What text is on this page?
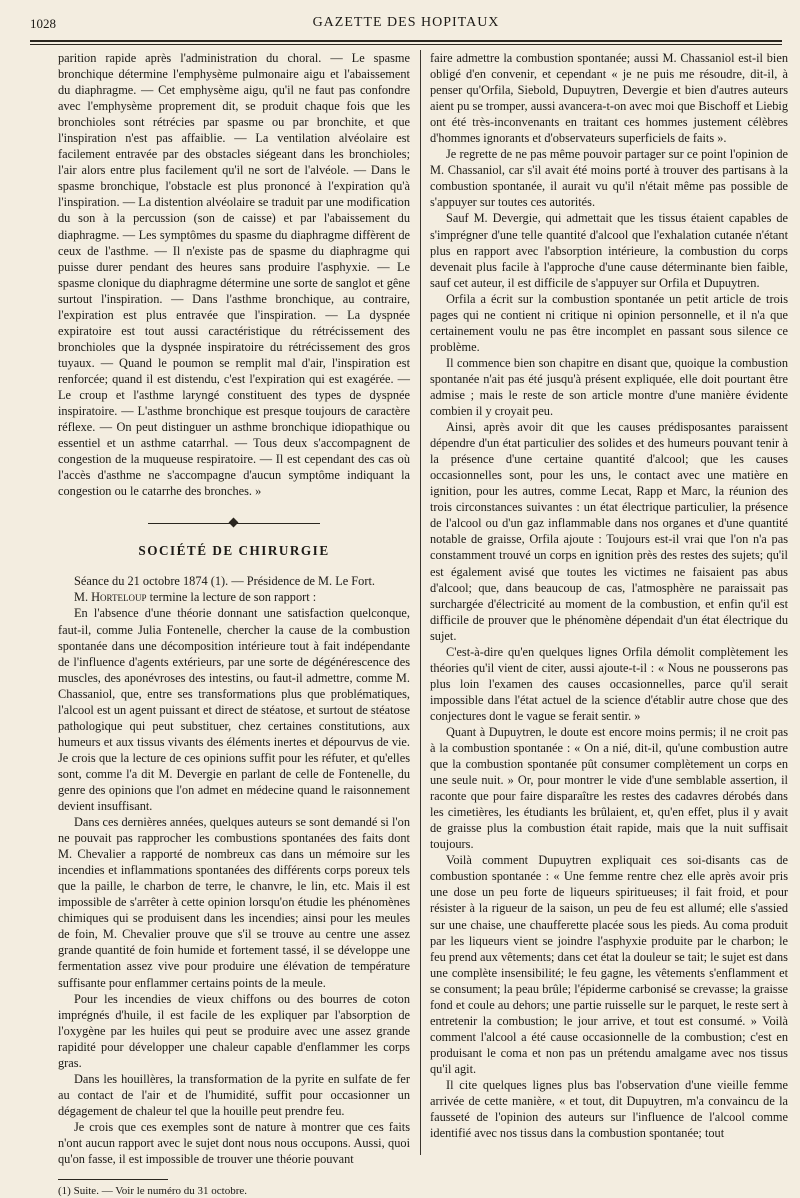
1028	GAZETTE DES HOPITAUX

parition rapide après l'administration du choral. — Le spasme bronchique détermine l'emphysème pulmonaire aigu et l'abaissement du diaphragme. — Cet emphysème aigu, qu'il ne faut pas confondre avec l'emphysème proprement dit, se produit chaque fois que les bronchioles sont rétrécies par spasme ou par bronchite, et que l'inspiration n'est pas affaiblie. — La ventilation alvéolaire est facilement entravée par des obstacles siégeant dans les bronchioles; l'air alors entre plus facilement qu'il ne sort de l'alvéole. — Dans le spasme bronchique, l'obstacle est plus prononcé à l'expiration qu'à l'inspiration. — La distention alvéolaire se traduit par une modification du son à la percussion (son de caisse) et par l'abaissement du diaphragme. — Les symptômes du spasme du diaphragme diffèrent de ceux de l'asthme. — Il n'existe pas de spasme du diaphragme qui puisse durer pendant des heures sans produire l'asphyxie. — Le spasme clonique du diaphragme détermine une sorte de sanglot et gêne surtout l'inspiration. — Dans l'asthme bronchique, au contraire, l'expiration est plus entravée que l'inspiration. — La dyspnée expiratoire est tout aussi caractéristique du rétrécissement des bronchioles que la dyspnée inspiratoire du rétrécissement des gros tuyaux. — Quand le poumon se remplit mal d'air, l'inspiration est renforcée; quand il est distendu, c'est l'expiration qui est exagérée. — Le croup et l'asthme laryngé constituent des types de dyspnée inspiratoire. — L'asthme bronchique est presque toujours de caractère réflexe. — On peut distinguer un asthme bronchique idiopathique ou essentiel et un asthme catarrhal. — Tous deux s'accompagnent de congestion de la muqueuse respiratoire. — Il est cependant des cas où l'accès d'asthme ne s'accompagne d'aucun symptôme indiquant la congestion ou le catarrhe des bronches. »

SOCIÉTÉ DE CHIRURGIE

Séance du 21 octobre 1874 (1). — Présidence de M. Le Fort.

M. Horteloup termine la lecture de son rapport :

En l'absence d'une théorie donnant une satisfaction quelconque, faut-il, comme Julia Fontenelle, chercher la cause de la combustion spontanée dans une décomposition intérieure tout à fait indépendante de l'influence d'agents extérieurs, par une sorte de dégénérescence des muscles, des aponévroses des intestins, ou faut-il admettre, comme M. Chassaniol, que, entre ses transformations plus que problématiques, l'alcool est un agent puissant et direct de stéatose, et surtout de stéatose pathologique qui peut substituer, chez certaines constitutions, aux humeurs et aux tissus vivants des éléments inertes et dépourvus de vie. Je crois que la lecture de ces opinions suffit pour les réfuter, et qu'elles sont, comme l'a dit M. Devergie en parlant de celle de Fontenelle, du genre des opinions que l'on admet en médecine quand le raisonnement devient insuffisant.

Dans ces dernières années, quelques auteurs se sont demandé si l'on ne pouvait pas rapprocher les combustions spontanées des faits dont M. Chevalier a rapporté de nombreux cas dans un mémoire sur les incendies et inflammations spontanées des différents corps poreux tels que la paille, le charbon de terre, le chanvre, le lin, etc. Mais il est impossible de s'arrêter à cette opinion lorsqu'on étudie les phénomènes chimiques qui se produisent dans les incendies; ainsi pour les meules de foin, M. Chevalier prouve que s'il se trouve au centre une assez grande quantité de foin humide et fortement tassé, il se développe une fermentation assez vive pour produire une élévation de température suffisante pour enflammer certains points de la meule.

Pour les incendies de vieux chiffons ou des bourres de coton imprégnés d'huile, il est facile de les expliquer par l'absorption de l'oxygène par les huiles qui peut se produire avec une assez grande rapidité pour développer une chaleur capable d'enflammer les corps gras.

Dans les houillères, la transformation de la pyrite en sulfate de fer au contact de l'air et de l'humidité, suffit pour occasionner un dégagement de chaleur tel que la houille peut prendre feu.

Je crois que ces exemples sont de nature à montrer que ces faits n'ont aucun rapport avec le sujet dont nous nous occupons. Aussi, quoi qu'on fasse, il est impossible de trouver une théorie pouvant

(1) Suite. — Voir le numéro du 31 octobre.

faire admettre la combustion spontanée; aussi M. Chassaniol est-il bien obligé d'en convenir, et cependant « je ne puis me résoudre, dit-il, à penser qu'Orfila, Siebold, Dupuytren, Devergie et bien d'autres auteurs aient pu se tromper, aussi avancera-t-on avec moi que Bischoff et Liebig ont été très-inconvenants en traitant ces hommes justement célèbres d'hommes ignorants et d'observateurs superficiels de faits ».

Je regrette de ne pas même pouvoir partager sur ce point l'opinion de M. Chassaniol, car s'il avait été moins porté à trouver des partisans à la combustion spontanée, il aurait vu qu'il n'était même pas possible de s'appuyer sur toutes ces autorités.

Sauf M. Devergie, qui admettait que les tissus étaient capables de s'imprégner d'une telle quantité d'alcool que l'exhalation cutanée n'étant plus en rapport avec l'absorption intérieure, la combustion du corps devenait plus facile à l'approche d'une cause déterminante bien faible, sauf cet auteur, il est difficile de s'appuyer sur Orfila et Dupuytren.

Orfila a écrit sur la combustion spontanée un petit article de trois pages qui ne contient ni critique ni opinion personnelle, et il n'a que certainement voulu ne pas être incomplet en passant sous silence ce problème.

Il commence bien son chapitre en disant que, quoique la combustion spontanée n'ait pas été jusqu'à présent expliquée, elle doit pourtant être admise ; mais le reste de son article montre d'une manière évidente combien il y croyait peu.

Ainsi, après avoir dit que les causes prédisposantes paraissent dépendre d'un état particulier des solides et des humeurs pouvant tenir à la présence d'une certaine quantité d'alcool; que les causes occasionnelles sont, pour les uns, le contact avec une matière en ignition, pour les autres, comme Lecat, Rapp et Marc, la réunion des trois circonstances suivantes : un état électrique particulier, la présence de l'alcool ou d'un gaz inflammable dans nos organes et d'une quantité notable de graisse, Orfila ajoute : Toujours est-il vrai que l'on n'a pas constamment trouvé un corps en ignition près des restes des sujets; qu'il est également avisé que toutes les victimes ne faisaient pas abus d'alcool; que, dans beaucoup de cas, l'atmosphère ne paraissait pas surchargée d'électricité au moment de la combustion, et enfin qu'il est difficile de prouver que le phénomène dépendait d'un état électrique du sujet.

C'est-à-dire qu'en quelques lignes Orfila démolit complètement les théories qu'il vient de citer, aussi ajoute-t-il : « Nous ne pousserons pas plus loin l'examen des causes occasionnelles, parce qu'il serait impossible dans l'état actuel de la science d'établir autre chose que des conjectures dont le vague se ferait sentir. »

Quant à Dupuytren, le doute est encore moins permis; il ne croit pas à la combustion spontanée : « On a nié, dit-il, qu'une combustion autre que la combustion spontanée pût consumer complètement un corps en une seule nuit. » Or, pour montrer le vide d'une semblable assertion, il raconte que pour faire disparaître les restes des cadavres dérobés dans les cimetières, les étudiants les brûlaient, et, qu'en effet, plus il y avait de graisse plus la combustion était rapide, mais que la nuit suffisait toujours.

Voilà comment Dupuytren expliquait ces soi-disants cas de combustion spontanée : « Une femme rentre chez elle après avoir pris une dose un peu forte de liqueurs spiritueuses; il fait froid, et pour résister à la rigueur de la saison, un peu de feu est allumé; elle s'assied sur une chaise, une chaufferette placée sous les pieds. Au coma produit par les liqueurs vient se joindre l'asphyxie produite par le charbon; le feu prend aux vêtements; dans cet état la douleur se tait; le sujet est dans une complète insensibilité; le feu gagne, les vêtements s'enflamment et se consument; la peau brûle; l'épiderme carbonisé se crevasse; la graisse fond et coule au dehors; une partie ruisselle sur le parquet, le reste sert à entretenir la combustion; le jour arrive, et tout est consumé. » Voilà comment l'alcool a été cause occasionnelle de la combustion; c'est en produisant le coma et non pas un prétendu amalgame avec nos tissus qu'il agit.

Il cite quelques lignes plus bas l'observation d'une vieille femme arrivée de cette manière, « et tout, dit Dupuytren, m'a convaincu de la fausseté de l'opinion des auteurs sur l'influence de l'alcool comme identifié avec nos tissus dans la combustion spontanée; tout
